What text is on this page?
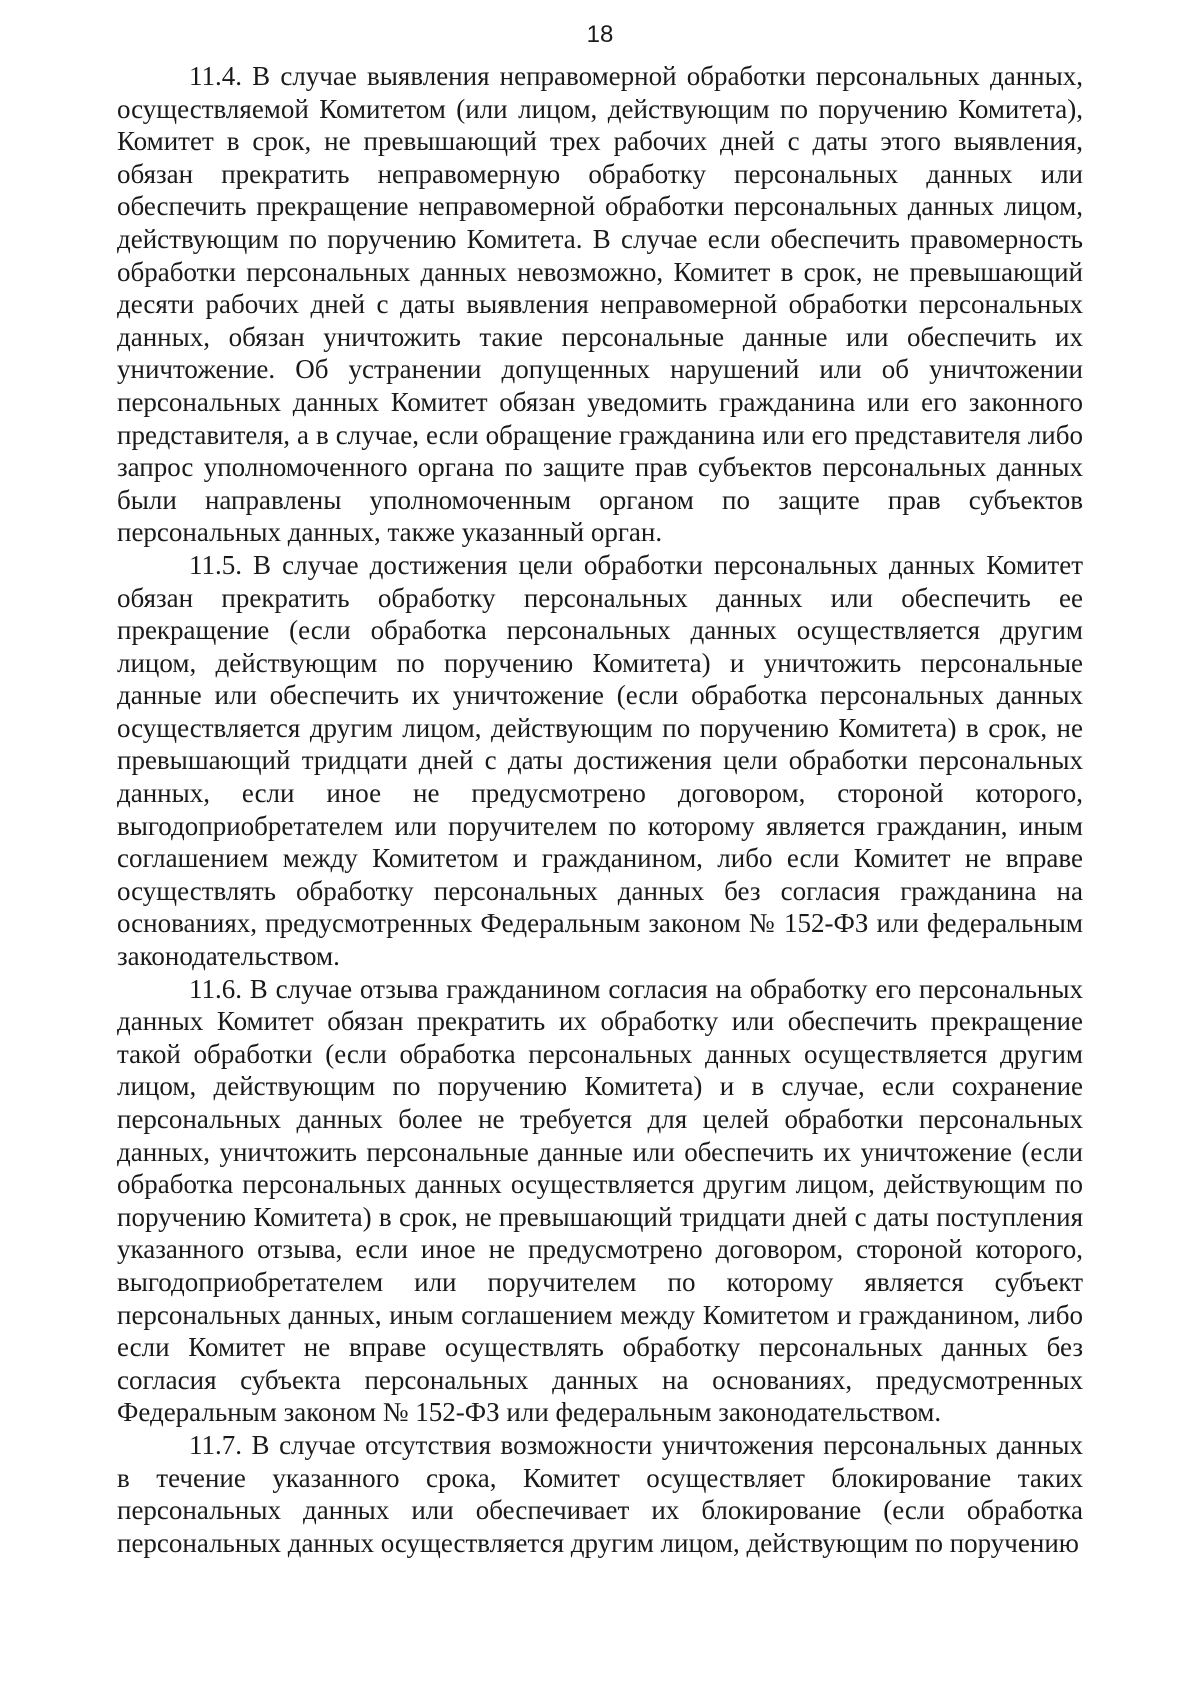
18

11.4. В случае выявления неправомерной обработки персональных данных, осуществляемой Комитетом (или лицом, действующим по поручению Комитета), Комитет в срок, не превышающий трех рабочих дней с даты этого выявления, обязан прекратить неправомерную обработку персональных данных или обеспечить прекращение неправомерной обработки персональных данных лицом, действующим по поручению Комитета. В случае если обеспечить правомерность обработки персональных данных невозможно, Комитет в срок, не превышающий десяти рабочих дней с даты выявления неправомерной обработки персональных данных, обязан уничтожить такие персональные данные или обеспечить их уничтожение. Об устранении допущенных нарушений или об уничтожении персональных данных Комитет обязан уведомить гражданина или его законного представителя, а в случае, если обращение гражданина или его представителя либо запрос уполномоченного органа по защите прав субъектов персональных данных были направлены уполномоченным органом по защите прав субъектов персональных данных, также указанный орган.

11.5. В случае достижения цели обработки персональных данных Комитет обязан прекратить обработку персональных данных или обеспечить ее прекращение (если обработка персональных данных осуществляется другим лицом, действующим по поручению Комитета) и уничтожить персональные данные или обеспечить их уничтожение (если обработка персональных данных осуществляется другим лицом, действующим по поручению Комитета) в срок, не превышающий тридцати дней с даты достижения цели обработки персональных данных, если иное не предусмотрено договором, стороной которого, выгодоприобретателем или поручителем по которому является гражданин, иным соглашением между Комитетом и гражданином, либо если Комитет не вправе осуществлять обработку персональных данных без согласия гражданина на основаниях, предусмотренных Федеральным законом № 152-ФЗ или федеральным законодательством.

11.6. В случае отзыва гражданином согласия на обработку его персональных данных Комитет обязан прекратить их обработку или обеспечить прекращение такой обработки (если обработка персональных данных осуществляется другим лицом, действующим по поручению Комитета) и в случае, если сохранение персональных данных более не требуется для целей обработки персональных данных, уничтожить персональные данные или обеспечить их уничтожение (если обработка персональных данных осуществляется другим лицом, действующим по поручению Комитета) в срок, не превышающий тридцати дней с даты поступления указанного отзыва, если иное не предусмотрено договором, стороной которого, выгодоприобретателем или поручителем по которому является субъект персональных данных, иным соглашением между Комитетом и гражданином, либо если Комитет не вправе осуществлять обработку персональных данных без согласия субъекта персональных данных на основаниях, предусмотренных Федеральным законом № 152-ФЗ или федеральным законодательством.

11.7. В случае отсутствия возможности уничтожения персональных данных в течение указанного срока, Комитет осуществляет блокирование таких персональных данных или обеспечивает их блокирование (если обработка персональных данных осуществляется другим лицом, действующим по поручению
